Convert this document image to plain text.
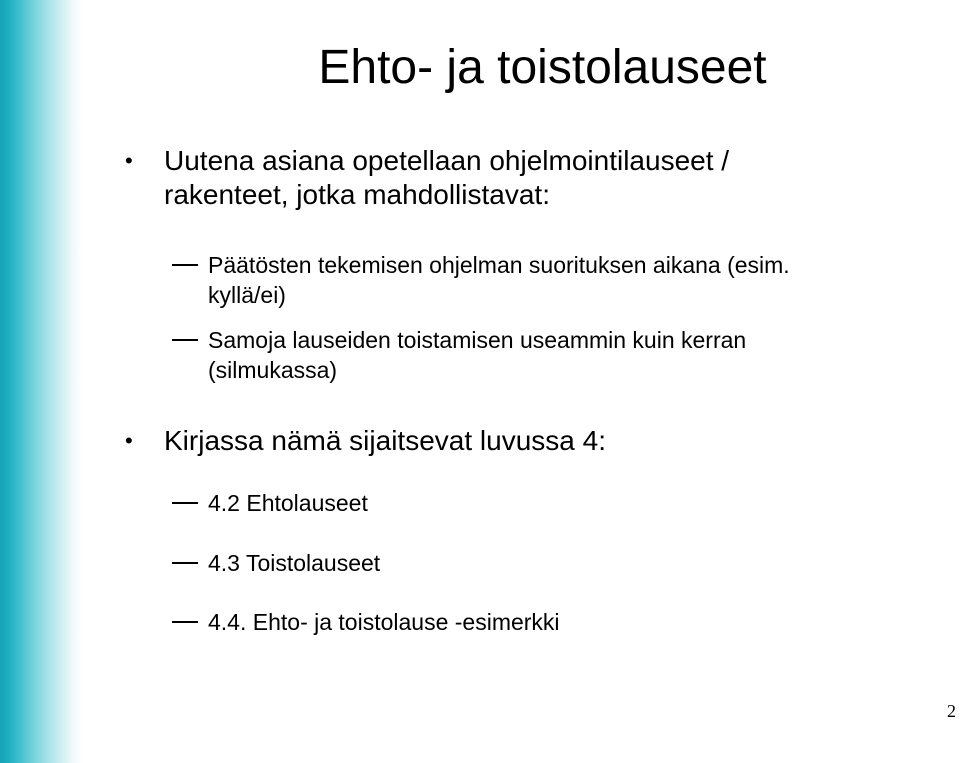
Ehto- ja toistolauseet
• Uutena asiana opetellaan ohjelmointilauseet /
rakenteet, jotka mahdollistavat:
Päätösten tekemisen ohjelman suorituksen aikana (esim.
kyllä/ei)
Samoja lauseiden toistamisen useammin kuin kerran
(silmukassa)
• Kirjassa nämä sijaitsevat luvussa 4:
4.2 Ehtolauseet
4.3 Toistolauseet
4.4. Ehto- ja toistolause -esimerkki
2
